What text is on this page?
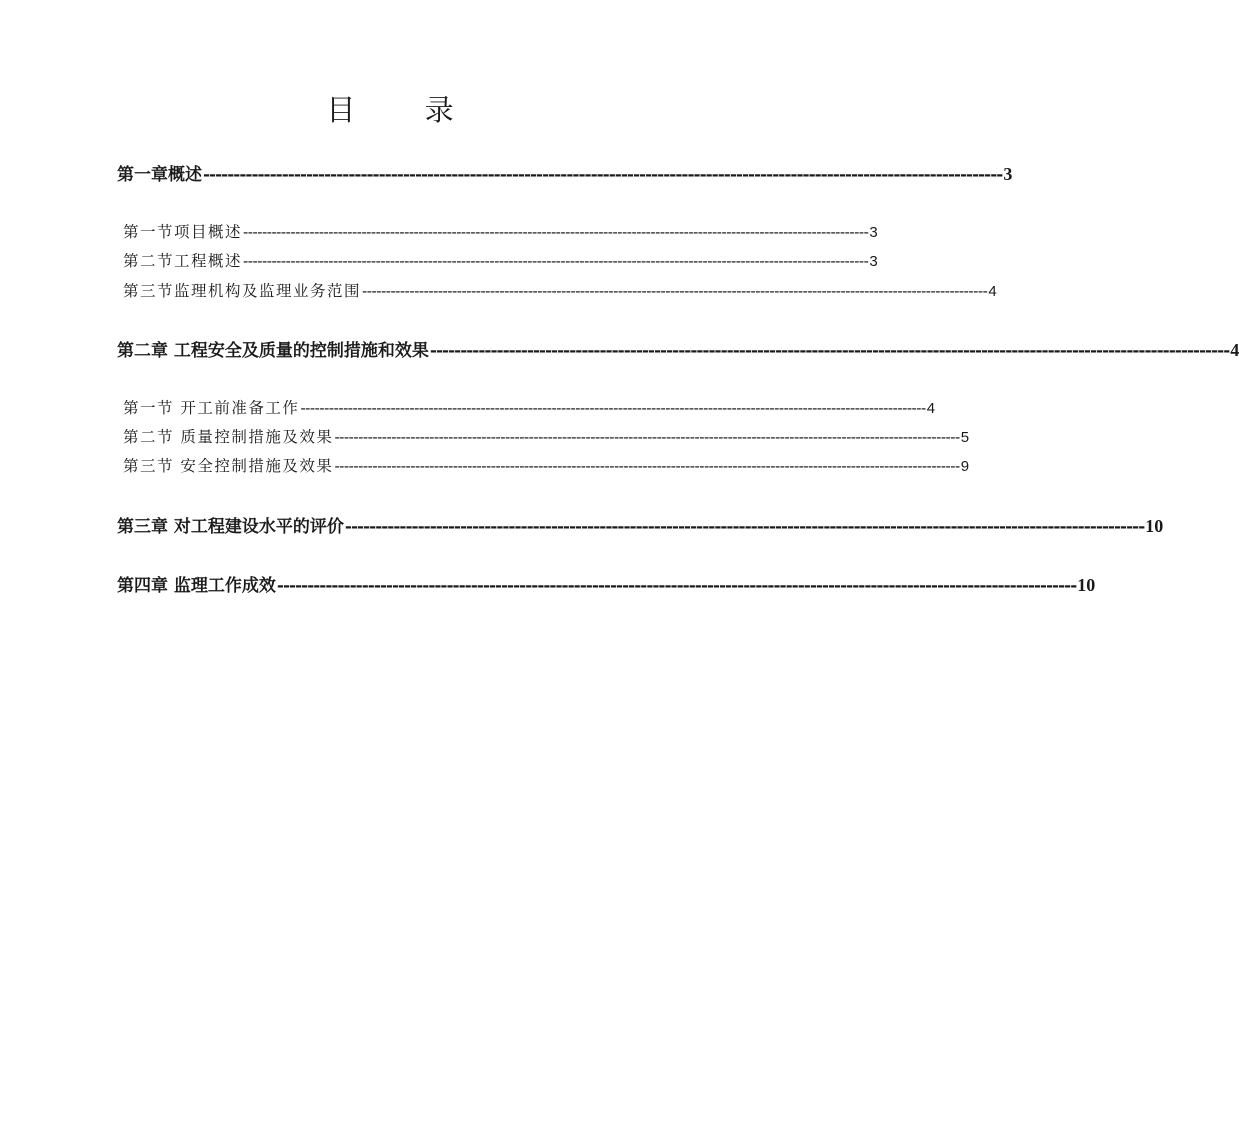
目 录
第一章概述 ------------------------------------------------------------------------------------------------------------------------------------ 3
第一节项目概述 ------------------------------------------------------------------------------------------------------------------------------------ 3
第二节工程概述 ------------------------------------------------------------------------------------------------------------------------------------ 3
第三节监理机构及监理业务范围 ------------------------------------------------------------------------------------------------------------------------------------ 4
第二章 工程安全及质量的控制措施和效果 ------------------------------------------------------------------------------------------------------------------------------------ 4
第一节 开工前准备工作 ------------------------------------------------------------------------------------------------------------------------------------ 4
第二节 质量控制措施及效果 ------------------------------------------------------------------------------------------------------------------------------------ 5
第三节 安全控制措施及效果 ------------------------------------------------------------------------------------------------------------------------------------ 9
第三章 对工程建设水平的评价 ------------------------------------------------------------------------------------------------------------------------------------ 10
第四章 监理工作成效 ------------------------------------------------------------------------------------------------------------------------------------ 10
